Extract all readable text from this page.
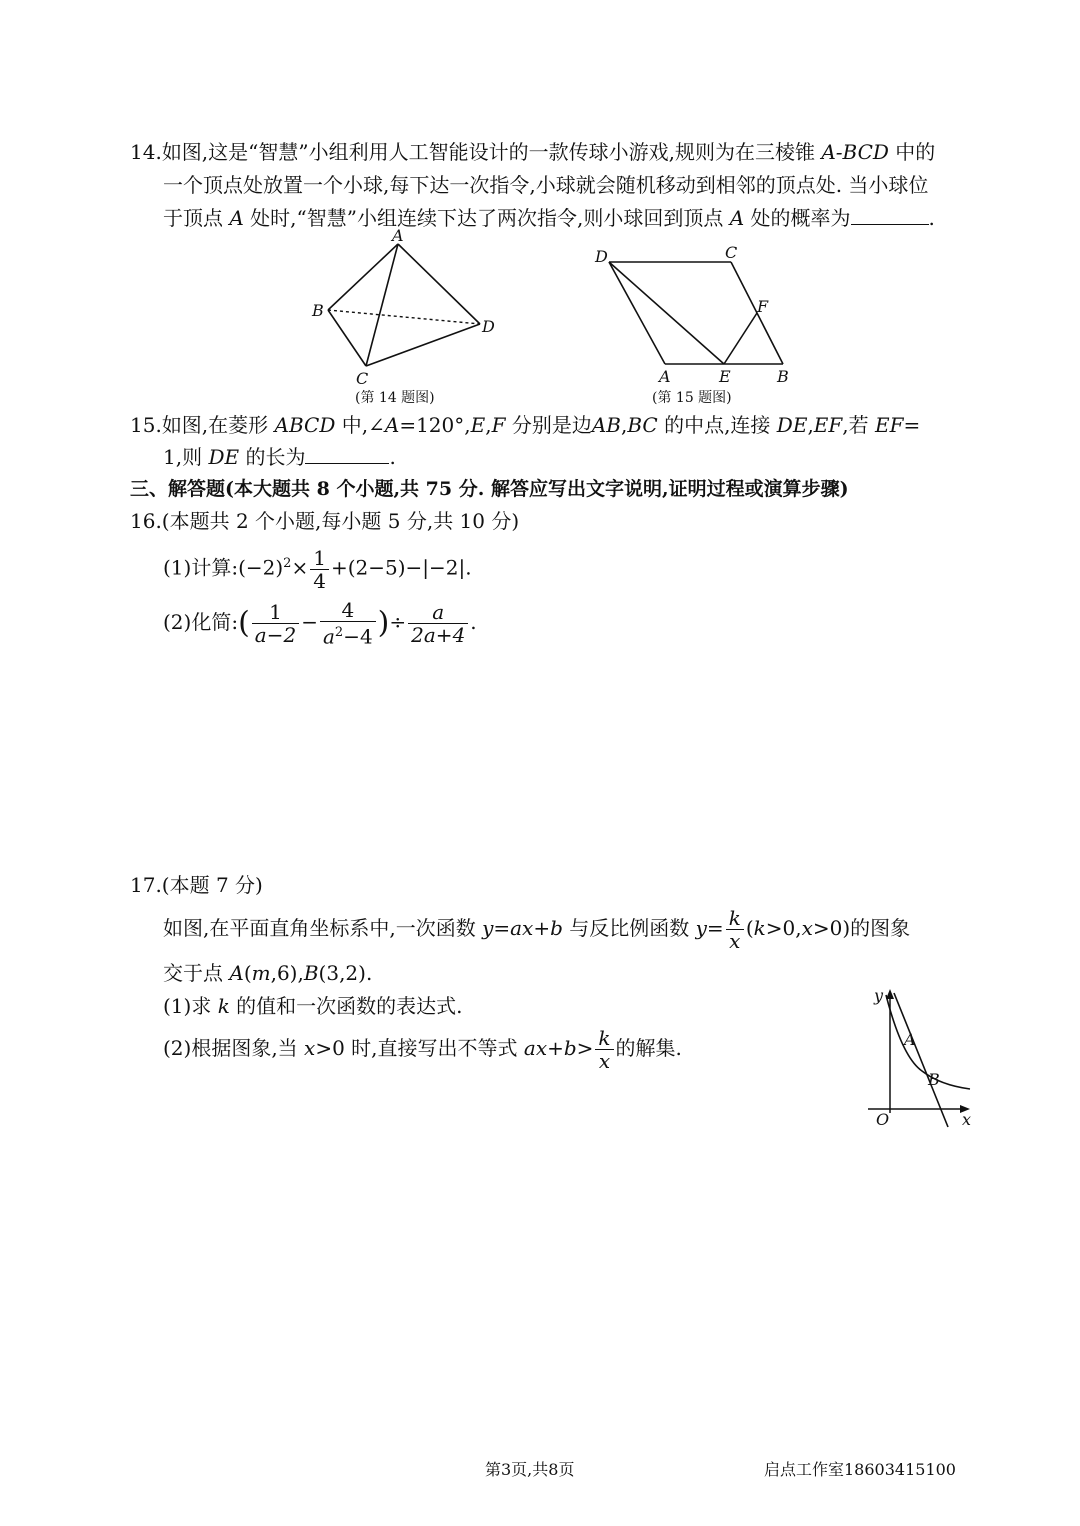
14.如图,这是“智慧”小组利用人工智能设计的一款传球小游戏,规则为在三棱锥 A-BCD 中的
一个顶点处放置一个小球,每下达一次指令,小球就会随机移动到相邻的顶点处. 当小球位
于顶点 A 处时,“智慧”小组连续下达了两次指令,则小球回到顶点 A 处的概率为	.
A
B
C
D
(第 14 题图)
D	C
F
A	E	B
(第 15 题图)
15.如图,在菱形 ABCD 中,∠A=120°,E,F 分别是边AB,BC 的中点,连接 DE,EF,若 EF=
1,则 DE 的长为	.
三、解答题(本大题共 8 个小题,共 75 分. 解答应写出文字说明,证明过程或演算步骤)
16.(本题共 2 个小题,每小题 5 分,共 10 分)
(1)计算$:(-2)^2\times \frac{1}{4} +(2-5)-|-2|$.
(2)化简:( $\frac{1}{a-2} - \frac{4}{a^2-4}$ )÷ $\frac{a}{2a+4}$ .
17.(本题 7 分)
如图,在平面直角坐标系中,一次函数 y=ax+b 与反比例函数 $y= \frac{k}{x} (k>0,x>0)$的图象
交于点 A(m,6),B(3,2).
(1)求 k 的值和一次函数的表达式.
(2)根据图象,当 x>0 时,直接写出不等式 $ax+b> \frac{k}{x}$ 的解集.
y
x
O
A
B
第3页,共8页	启点工作室18603415100
